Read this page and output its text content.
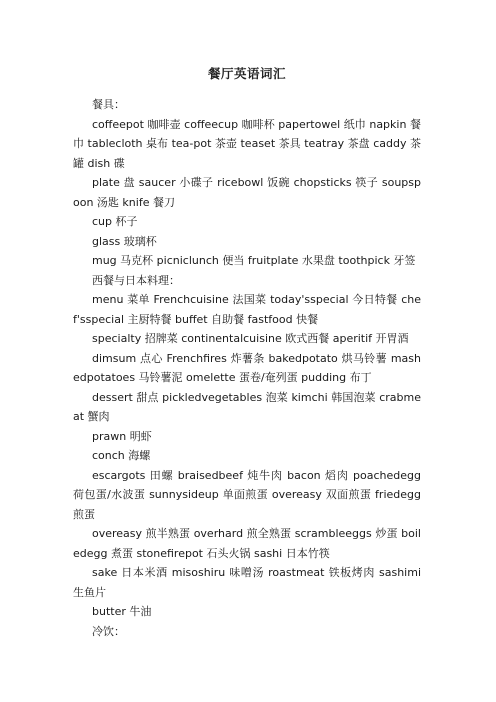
餐厅英语词汇

餐具：

coffeepot 咖啡壶 coffeecup 咖啡杯 papertowel 纸巾 napkin 餐巾 tablecloth 桌布 tea-pot 茶壶 teaset 茶具 teatray 茶盘 caddy 茶罐 dish 碟

plate 盘 saucer 小碟子 ricebowl 饭碗 chopsticks 筷子 soupspoon 汤匙 knife 餐刀

cup 杯子

glass 玻璃杯

mug 马克杯 picniclunch 便当 fruitplate 水果盘 toothpick 牙签

西餐与日本料理：

menu 菜单 Frenchcuisine 法国菜 today'sspecial 今日特餐 chef'sspecial 主厨特餐 buffet 自助餐 fastfood 快餐

specialty 招牌菜 continentalcuisine 欧式西餐 aperitif 开胃酒

dimsum 点心 Frenchfires 炸薯条 bakedpotato 烘马铃薯 mashedpotatoes 马铃薯泥 omelette 蛋卷/奄列蛋 pudding 布丁

dessert 甜点 pickledvegetables 泡菜 kimchi 韩国泡菜 crabmeat 蟹肉

prawn 明虾

conch 海螺

escargots 田螺 braisedbeef 炖牛肉 bacon 熖肉 poachedegg 荷包蛋/水波蛋 sunnysideup 单面煎蛋 overeasy 双面煎蛋 friedegg 煎蛋

overeasy 煎半熟蛋 overhard 煎全熟蛋 scrambleeggs 炒蛋 boiledegg 煮蛋 stonefirepot 石头火锅 sashi 日本竹筷

sake 日本米酒 misoshiru 味噌汤 roastmeat 铁板烤肉 sashimi 生鱼片

butter 牛油

冷饮：
